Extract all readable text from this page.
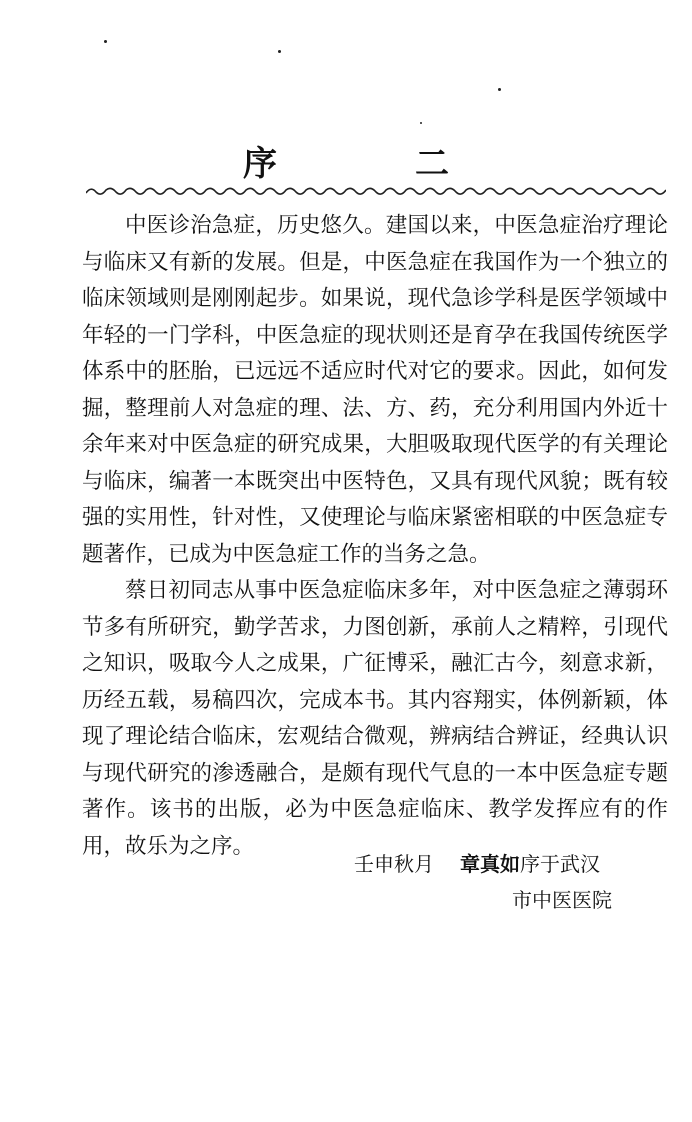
序　二

中医诊治急症，历史悠久。建国以来，中医急症治疗理论与临床又有新的发展。但是，中医急症在我国作为一个独立的临床领域则是刚刚起步。如果说，现代急诊学科是医学领域中年轻的一门学科，中医急症的现状则还是育孕在我国传统医学体系中的胚胎，已远远不适应时代对它的要求。因此，如何发掘，整理前人对急症的理、法、方、药，充分利用国内外近十余年来对中医急症的研究成果，大胆吸取现代医学的有关理论与临床，编著一本既突出中医特色，又具有现代风貌；既有较强的实用性，针对性，又使理论与临床紧密相联的中医急症专题著作，已成为中医急症工作的当务之急。

蔡日初同志从事中医急症临床多年，对中医急症之薄弱环节多有所研究，勤学苦求，力图创新，承前人之精粹，引现代之知识，吸取今人之成果，广征博采，融汇古今，刻意求新，历经五载，易稿四次，完成本书。其内容翔实，体例新颖，体现了理论结合临床，宏观结合微观，辨病结合辨证，经典认识与现代研究的渗透融合，是颇有现代气息的一本中医急症专题著作。该书的出版，必为中医急症临床、教学发挥应有的作用，故乐为之序。

壬申秋月 章真如序于武汉
市中医医院
